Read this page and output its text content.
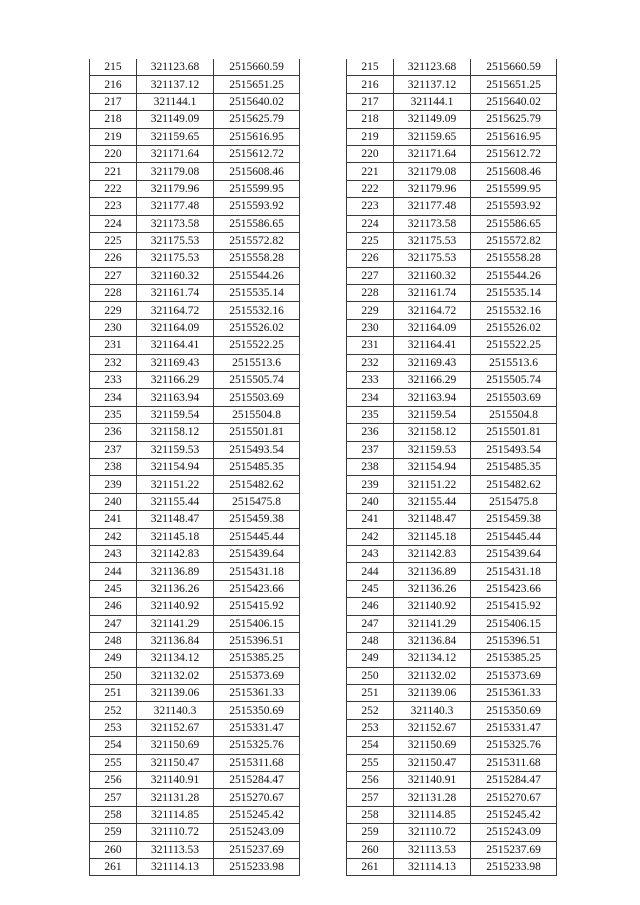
215	321123.68	2515660.59
216	321137.12	2515651.25
217	321144.1	2515640.02
218	321149.09	2515625.79
219	321159.65	2515616.95
220	321171.64	2515612.72
221	321179.08	2515608.46
222	321179.96	2515599.95
223	321177.48	2515593.92
224	321173.58	2515586.65
225	321175.53	2515572.82
226	321175.53	2515558.28
227	321160.32	2515544.26
228	321161.74	2515535.14
229	321164.72	2515532.16
230	321164.09	2515526.02
231	321164.41	2515522.25
232	321169.43	2515513.6
233	321166.29	2515505.74
234	321163.94	2515503.69
235	321159.54	2515504.8
236	321158.12	2515501.81
237	321159.53	2515493.54
238	321154.94	2515485.35
239	321151.22	2515482.62
240	321155.44	2515475.8
241	321148.47	2515459.38
242	321145.18	2515445.44
243	321142.83	2515439.64
244	321136.89	2515431.18
245	321136.26	2515423.66
246	321140.92	2515415.92
247	321141.29	2515406.15
248	321136.84	2515396.51
249	321134.12	2515385.25
250	321132.02	2515373.69
251	321139.06	2515361.33
252	321140.3	2515350.69
253	321152.67	2515331.47
254	321150.69	2515325.76
255	321150.47	2515311.68
256	321140.91	2515284.47
257	321131.28	2515270.67
258	321114.85	2515245.42
259	321110.72	2515243.09
260	321113.53	2515237.69
261	321114.13	2515233.98
215	321123.68	2515660.59
216	321137.12	2515651.25
217	321144.1	2515640.02
218	321149.09	2515625.79
219	321159.65	2515616.95
220	321171.64	2515612.72
221	321179.08	2515608.46
222	321179.96	2515599.95
223	321177.48	2515593.92
224	321173.58	2515586.65
225	321175.53	2515572.82
226	321175.53	2515558.28
227	321160.32	2515544.26
228	321161.74	2515535.14
229	321164.72	2515532.16
230	321164.09	2515526.02
231	321164.41	2515522.25
232	321169.43	2515513.6
233	321166.29	2515505.74
234	321163.94	2515503.69
235	321159.54	2515504.8
236	321158.12	2515501.81
237	321159.53	2515493.54
238	321154.94	2515485.35
239	321151.22	2515482.62
240	321155.44	2515475.8
241	321148.47	2515459.38
242	321145.18	2515445.44
243	321142.83	2515439.64
244	321136.89	2515431.18
245	321136.26	2515423.66
246	321140.92	2515415.92
247	321141.29	2515406.15
248	321136.84	2515396.51
249	321134.12	2515385.25
250	321132.02	2515373.69
251	321139.06	2515361.33
252	321140.3	2515350.69
253	321152.67	2515331.47
254	321150.69	2515325.76
255	321150.47	2515311.68
256	321140.91	2515284.47
257	321131.28	2515270.67
258	321114.85	2515245.42
259	321110.72	2515243.09
260	321113.53	2515237.69
261	321114.13	2515233.98
